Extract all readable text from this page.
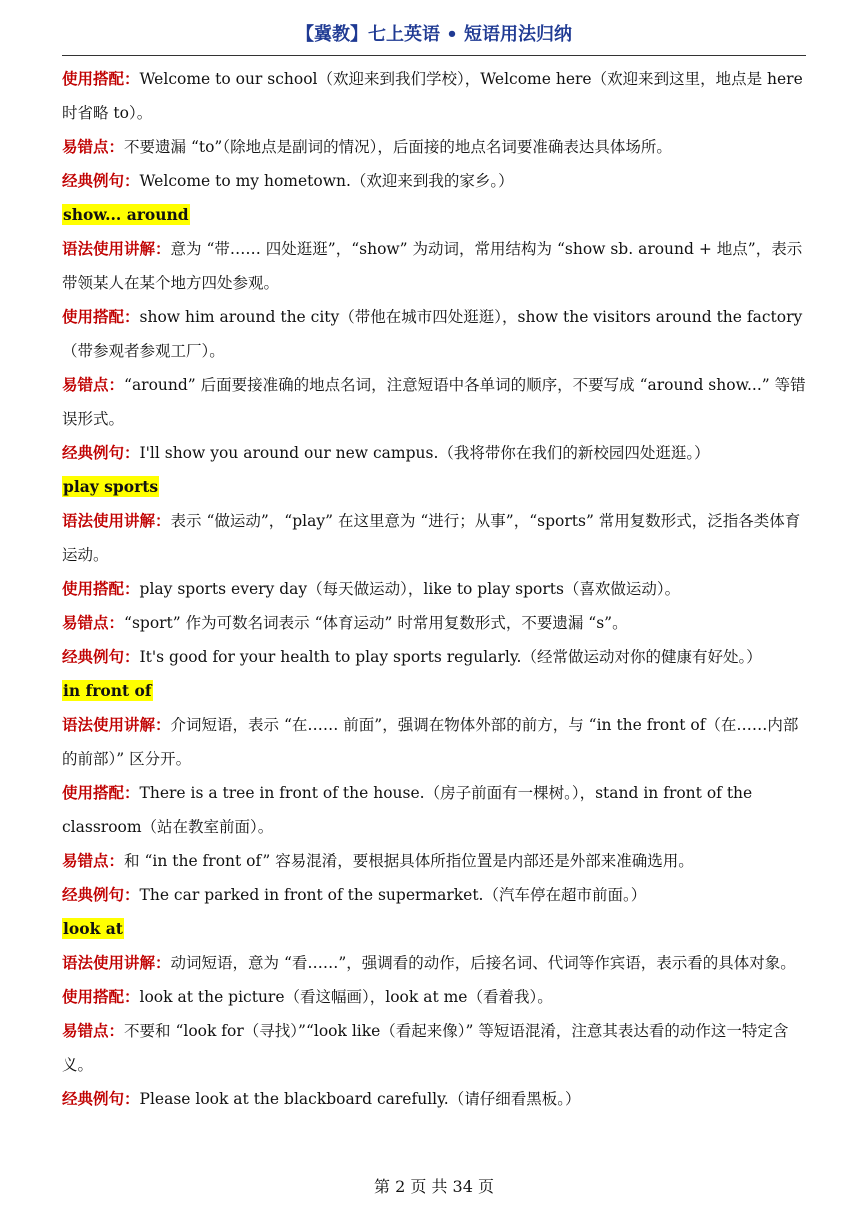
【冀教】七上英语 • 短语用法归纳

使用搭配：Welcome to our school（欢迎来到我们学校），Welcome here（欢迎来到这里，地点是 here 时省略 to）。

易错点：不要遗漏 “to”（除地点是副词的情况），后面接的地点名词要准确表达具体场所。

经典例句：Welcome to my hometown.（欢迎来到我的家乡。）

show... around

语法使用讲解：意为 “带…… 四处逛逛”，“show” 为动词，常用结构为 “show sb. around + 地点”，表示带领某人在某个地方四处参观。

使用搭配：show him around the city（带他在城市四处逛逛），show the visitors around the factory（带参观者参观工厂）。

易错点：“around” 后面要接准确的地点名词，注意短语中各单词的顺序，不要写成 “around show...” 等错误形式。

经典例句：I'll show you around our new campus.（我将带你在我们的新校园四处逛逛。）

play sports

语法使用讲解：表示 “做运动”，“play” 在这里意为 “进行；从事”，“sports” 常用复数形式，泛指各类体育运动。

使用搭配：play sports every day（每天做运动），like to play sports（喜欢做运动）。

易错点：“sport” 作为可数名词表示 “体育运动” 时常用复数形式，不要遗漏 “s”。

经典例句：It's good for your health to play sports regularly.（经常做运动对你的健康有好处。）

in front of

语法使用讲解：介词短语，表示 “在…… 前面”，强调在物体外部的前方，与 “in the front of（在……内部的前部）” 区分开。

使用搭配：There is a tree in front of the house.（房子前面有一棵树。），stand in front of the classroom（站在教室前面）。

易错点：和 “in the front of” 容易混淆，要根据具体所指位置是内部还是外部来准确选用。

经典例句：The car parked in front of the supermarket.（汽车停在超市前面。）

look at

语法使用讲解：动词短语，意为 “看……”，强调看的动作，后接名词、代词等作宾语，表示看的具体对象。

使用搭配：look at the picture（看这幅画），look at me（看着我）。

易错点：不要和 “look for（寻找）”“look like（看起来像）” 等短语混淆，注意其表达看的动作这一特定含义。

经典例句：Please look at the blackboard carefully.（请仔细看黑板。）

第 2 页 共 34 页
